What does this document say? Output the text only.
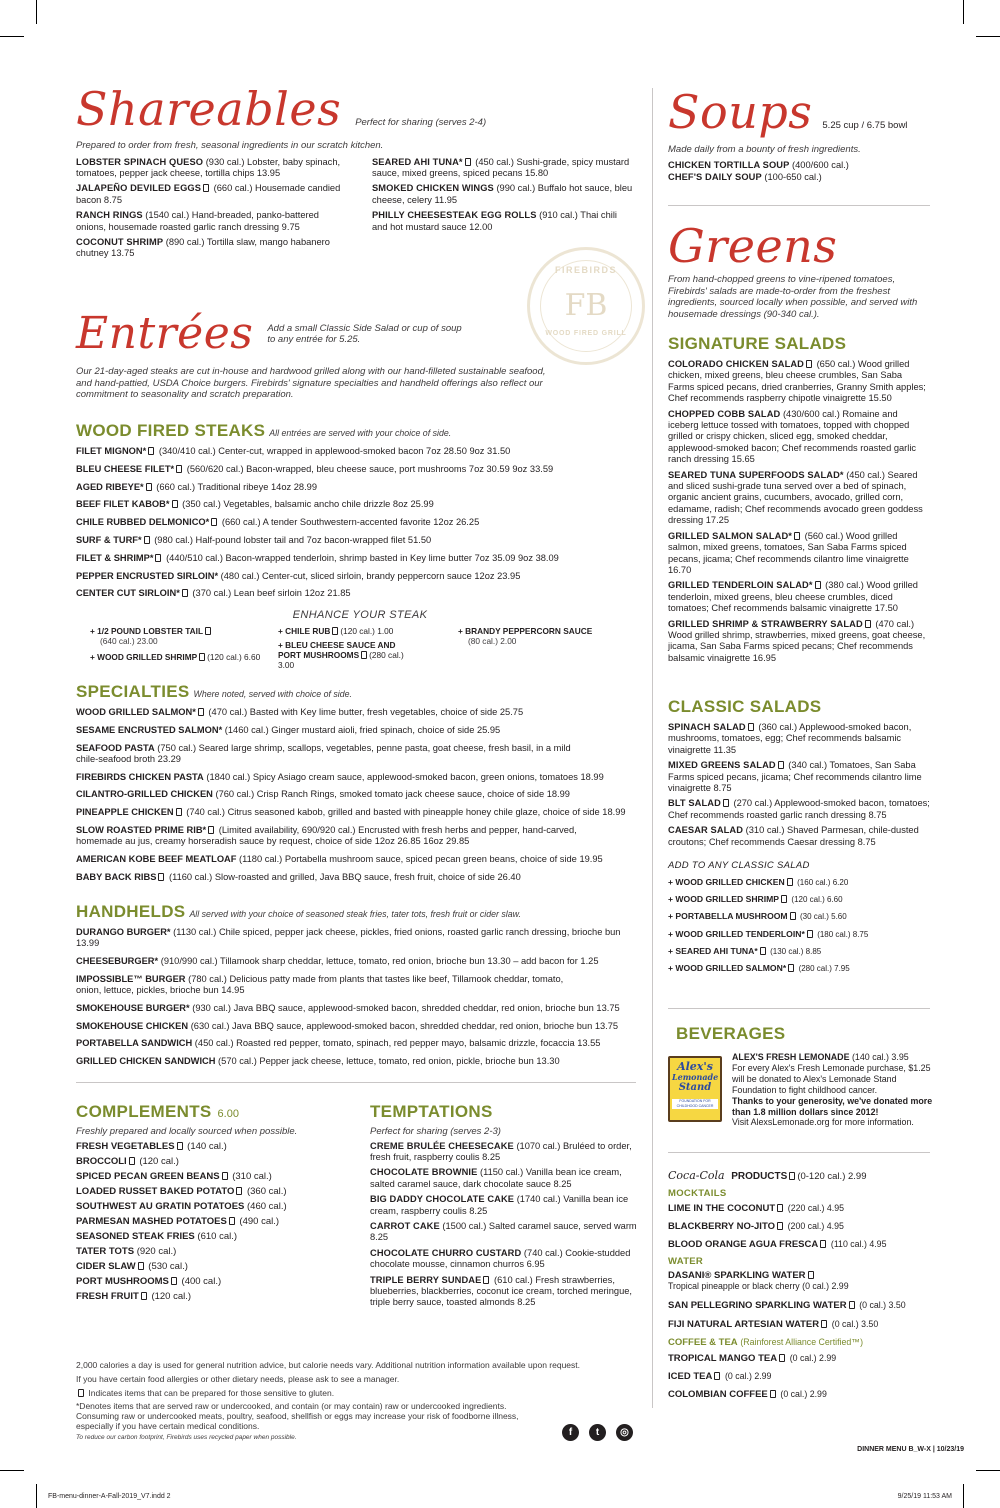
Shareables Perfect for sharing (serves 2-4)
Prepared to order from fresh, seasonal ingredients in our scratch kitchen.
LOBSTER SPINACH QUESO (930 cal.) Lobster, baby spinach, tomatoes, pepper jack cheese, tortilla chips 13.95
JALAPEÑO DEVILED EGGS (660 cal.) Housemade candied bacon 8.75
RANCH RINGS (1540 cal.) Hand-breaded, panko-battered onions, housemade roasted garlic ranch dressing 9.75
COCONUT SHRIMP (890 cal.) Tortilla slaw, mango habanero chutney 13.75
SEARED AHI TUNA* (450 cal.) Sushi-grade, spicy mustard sauce, mixed greens, spiced pecans 15.80
SMOKED CHICKEN WINGS (990 cal.) Buffalo hot sauce, bleu cheese, celery 11.95
PHILLY CHEESESTEAK EGG ROLLS (910 cal.) Thai chili and hot mustard sauce 12.00
FIREBIRDS
FB
WOOD FIRED GRILL
Entrées Add a small Classic Side Salad or cup of soup to any entrée for 5.25.
Our 21-day-aged steaks are cut in-house and hardwood grilled along with our hand-filleted sustainable seafood, and hand-pattied, USDA Choice burgers. Firebirds' signature specialties and handheld offerings also reflect our commitment to seasonality and scratch preparation.
WOOD FIRED STEAKS All entrées are served with your choice of side.
FILET MIGNON* (340/410 cal.) Center-cut, wrapped in applewood-smoked bacon 7oz 28.50 9oz 31.50
BLEU CHEESE FILET* (560/620 cal.) Bacon-wrapped, bleu cheese sauce, port mushrooms 7oz 30.59 9oz 33.59
AGED RIBEYE* (660 cal.) Traditional ribeye 14oz 28.99
BEEF FILET KABOB* (350 cal.) Vegetables, balsamic ancho chile drizzle 8oz 25.99
CHILE RUBBED DELMONICO* (660 cal.) A tender Southwestern-accented favorite 12oz 26.25
SURF & TURF* (980 cal.) Half-pound lobster tail and 7oz bacon-wrapped filet 51.50
FILET & SHRIMP* (440/510 cal.) Bacon-wrapped tenderloin, shrimp basted in Key lime butter 7oz 35.09 9oz 38.09
PEPPER ENCRUSTED SIRLOIN* (480 cal.) Center-cut, sliced sirloin, brandy peppercorn sauce 12oz 23.95
CENTER CUT SIRLOIN* (370 cal.) Lean beef sirloin 12oz 21.85
ENHANCE YOUR STEAK
+ 1/2 POUND LOBSTER TAIL
(640 cal.) 23.00
+ WOOD GRILLED SHRIMP (120 cal.) 6.60
+ CHILE RUB (120 cal.) 1.00
+ BLEU CHEESE SAUCE AND PORT MUSHROOMS (280 cal.) 3.00
+ BRANDY PEPPERCORN SAUCE
(80 cal.) 2.00
SPECIALTIES Where noted, served with choice of side.
WOOD GRILLED SALMON* (470 cal.) Basted with Key lime butter, fresh vegetables, choice of side 25.75
SESAME ENCRUSTED SALMON* (1460 cal.) Ginger mustard aioli, fried spinach, choice of side 25.95
SEAFOOD PASTA (750 cal.) Seared large shrimp, scallops, vegetables, penne pasta, goat cheese, fresh basil, in a mild chile-seafood broth 23.29
FIREBIRDS CHICKEN PASTA (1840 cal.) Spicy Asiago cream sauce, applewood-smoked bacon, green onions, tomatoes 18.99
CILANTRO-GRILLED CHICKEN (760 cal.) Crisp Ranch Rings, smoked tomato jack cheese sauce, choice of side 18.99
PINEAPPLE CHICKEN (740 cal.) Citrus seasoned kabob, grilled and basted with pineapple honey chile glaze, choice of side 18.99
SLOW ROASTED PRIME RIB* (Limited availability, 690/920 cal.) Encrusted with fresh herbs and pepper, hand-carved, homemade au jus, creamy horseradish sauce by request, choice of side 12oz 26.85 16oz 29.85
AMERICAN KOBE BEEF MEATLOAF (1180 cal.) Portabella mushroom sauce, spiced pecan green beans, choice of side 19.95
BABY BACK RIBS (1160 cal.) Slow-roasted and grilled, Java BBQ sauce, fresh fruit, choice of side 26.40
HANDHELDS All served with your choice of seasoned steak fries, tater tots, fresh fruit or cider slaw.
DURANGO BURGER* (1130 cal.) Chile spiced, pepper jack cheese, pickles, fried onions, roasted garlic ranch dressing, brioche bun 13.99
CHEESEBURGER* (910/990 cal.) Tillamook sharp cheddar, lettuce, tomato, red onion, brioche bun 13.30 – add bacon for 1.25
IMPOSSIBLE™ BURGER (780 cal.) Delicious patty made from plants that tastes like beef, Tillamook cheddar, tomato, onion, lettuce, pickles, brioche bun 14.95
SMOKEHOUSE BURGER* (930 cal.) Java BBQ sauce, applewood-smoked bacon, shredded cheddar, red onion, brioche bun 13.75
SMOKEHOUSE CHICKEN (630 cal.) Java BBQ sauce, applewood-smoked bacon, shredded cheddar, red onion, brioche bun 13.75
PORTABELLA SANDWICH (450 cal.) Roasted red pepper, tomato, spinach, red pepper mayo, balsamic drizzle, focaccia 13.55
GRILLED CHICKEN SANDWICH (570 cal.) Pepper jack cheese, lettuce, tomato, red onion, pickle, brioche bun 13.30
COMPLEMENTS 6.00
Freshly prepared and locally sourced when possible.
FRESH VEGETABLES (140 cal.)
BROCCOLI (120 cal.)
SPICED PECAN GREEN BEANS (310 cal.)
LOADED RUSSET BAKED POTATO (360 cal.)
SOUTHWEST AU GRATIN POTATOES (460 cal.)
PARMESAN MASHED POTATOES (490 cal.)
SEASONED STEAK FRIES (610 cal.)
TATER TOTS (920 cal.)
CIDER SLAW (530 cal.)
PORT MUSHROOMS (400 cal.)
FRESH FRUIT (120 cal.)
TEMPTATIONS
Perfect for sharing (serves 2-3)
CREME BRULÉE CHEESECAKE (1070 cal.) Bruléed to order, fresh fruit, raspberry coulis 8.25
CHOCOLATE BROWNIE (1150 cal.) Vanilla bean ice cream, salted caramel sauce, dark chocolate sauce 8.25
BIG DADDY CHOCOLATE CAKE (1740 cal.) Vanilla bean ice cream, raspberry coulis 8.25
CARROT CAKE (1500 cal.) Salted caramel sauce, served warm 8.25
CHOCOLATE CHURRO CUSTARD (740 cal.) Cookie-studded chocolate mousse, cinnamon churros 6.95
TRIPLE BERRY SUNDAE (610 cal.) Fresh strawberries, blueberries, blackberries, coconut ice cream, torched meringue, triple berry sauce, toasted almonds 8.25
2,000 calories a day is used for general nutrition advice, but calorie needs vary. Additional nutrition information available upon request.
If you have certain food allergies or other dietary needs, please ask to see a manager.
Indicates items that can be prepared for those sensitive to gluten.
*Denotes items that are served raw or undercooked, and contain (or may contain) raw or undercooked ingredients. Consuming raw or undercooked meats, poultry, seafood, shellfish or eggs may increase your risk of foodborne illness, especially if you have certain medical conditions.
To reduce our carbon footprint, Firebirds uses recycled paper when possible.	f	t	◎
DINNER MENU B_W-X | 10/23/19
FB-menu-dinner-A-Fall-2019_V7.indd 2	9/25/19 11:53 AM
Soups 5.25 cup / 6.75 bowl
Made daily from a bounty of fresh ingredients.
CHICKEN TORTILLA SOUP (400/600 cal.)
CHEF'S DAILY SOUP (100-650 cal.)
Greens
From hand-chopped greens to vine-ripened tomatoes, Firebirds' salads are made-to-order from the freshest ingredients, sourced locally when possible, and served with housemade dressings (90-340 cal.).
SIGNATURE SALADS
COLORADO CHICKEN SALAD (650 cal.) Wood grilled chicken, mixed greens, bleu cheese crumbles, San Saba Farms spiced pecans, dried cranberries, Granny Smith apples; Chef recommends raspberry chipotle vinaigrette 15.50
CHOPPED COBB SALAD (430/600 cal.) Romaine and iceberg lettuce tossed with tomatoes, topped with chopped grilled or crispy chicken, sliced egg, smoked cheddar, applewood-smoked bacon; Chef recommends roasted garlic ranch dressing 15.65
SEARED TUNA SUPERFOODS SALAD* (450 cal.) Seared and sliced sushi-grade tuna served over a bed of spinach, organic ancient grains, cucumbers, avocado, grilled corn, edamame, radish; Chef recommends avocado green goddess dressing 17.25
GRILLED SALMON SALAD* (560 cal.) Wood grilled salmon, mixed greens, tomatoes, San Saba Farms spiced pecans, jicama; Chef recommends cilantro lime vinaigrette 16.70
GRILLED TENDERLOIN SALAD* (380 cal.) Wood grilled tenderloin, mixed greens, bleu cheese crumbles, diced tomatoes; Chef recommends balsamic vinaigrette 17.50
GRILLED SHRIMP & STRAWBERRY SALAD (470 cal.) Wood grilled shrimp, strawberries, mixed greens, goat cheese, jicama, San Saba Farms spiced pecans; Chef recommends balsamic vinaigrette 16.95
CLASSIC SALADS
SPINACH SALAD (360 cal.) Applewood-smoked bacon, mushrooms, tomatoes, egg; Chef recommends balsamic vinaigrette 11.35
MIXED GREENS SALAD (340 cal.) Tomatoes, San Saba Farms spiced pecans, jicama; Chef recommends cilantro lime vinaigrette 8.75
BLT SALAD (270 cal.) Applewood-smoked bacon, tomatoes; Chef recommends roasted garlic ranch dressing 8.75
CAESAR SALAD (310 cal.) Shaved Parmesan, chile-dusted croutons; Chef recommends Caesar dressing 8.75
ADD TO ANY CLASSIC SALAD
+ WOOD GRILLED CHICKEN (160 cal.) 6.20
+ WOOD GRILLED SHRIMP (120 cal.) 6.60
+ PORTABELLA MUSHROOM (30 cal.) 5.60
+ WOOD GRILLED TENDERLOIN* (180 cal.) 8.75
+ SEARED AHI TUNA* (130 cal.) 8.85
+ WOOD GRILLED SALMON* (280 cal.) 7.95
BEVERAGES
Alex's
Lemonade
Stand
FOUNDATION FOR CHILDHOOD CANCER
ALEX'S FRESH LEMONADE (140 cal.) 3.95
For every Alex's Fresh Lemonade purchase, $1.25 will be donated to Alex's Lemonade Stand Foundation to fight childhood cancer.
Thanks to your generosity, we've donated more than 1.8 million dollars since 2012!
Visit AlexsLemonade.org for more information.
Coca-Cola PRODUCTS (0-120 cal.) 2.99
MOCKTAILS
LIME IN THE COCONUT (220 cal.) 4.95
BLACKBERRY NO-JITO (200 cal.) 4.95
BLOOD ORANGE AGUA FRESCA (110 cal.) 4.95
WATER
DASANI® SPARKLING WATER
Tropical pineapple or black cherry (0 cal.) 2.99
SAN PELLEGRINO SPARKLING WATER (0 cal.) 3.50
FIJI NATURAL ARTESIAN WATER (0 cal.) 3.50
COFFEE & TEA (Rainforest Alliance Certified™)
TROPICAL MANGO TEA (0 cal.) 2.99
ICED TEA (0 cal.) 2.99
COLOMBIAN COFFEE (0 cal.) 2.99
